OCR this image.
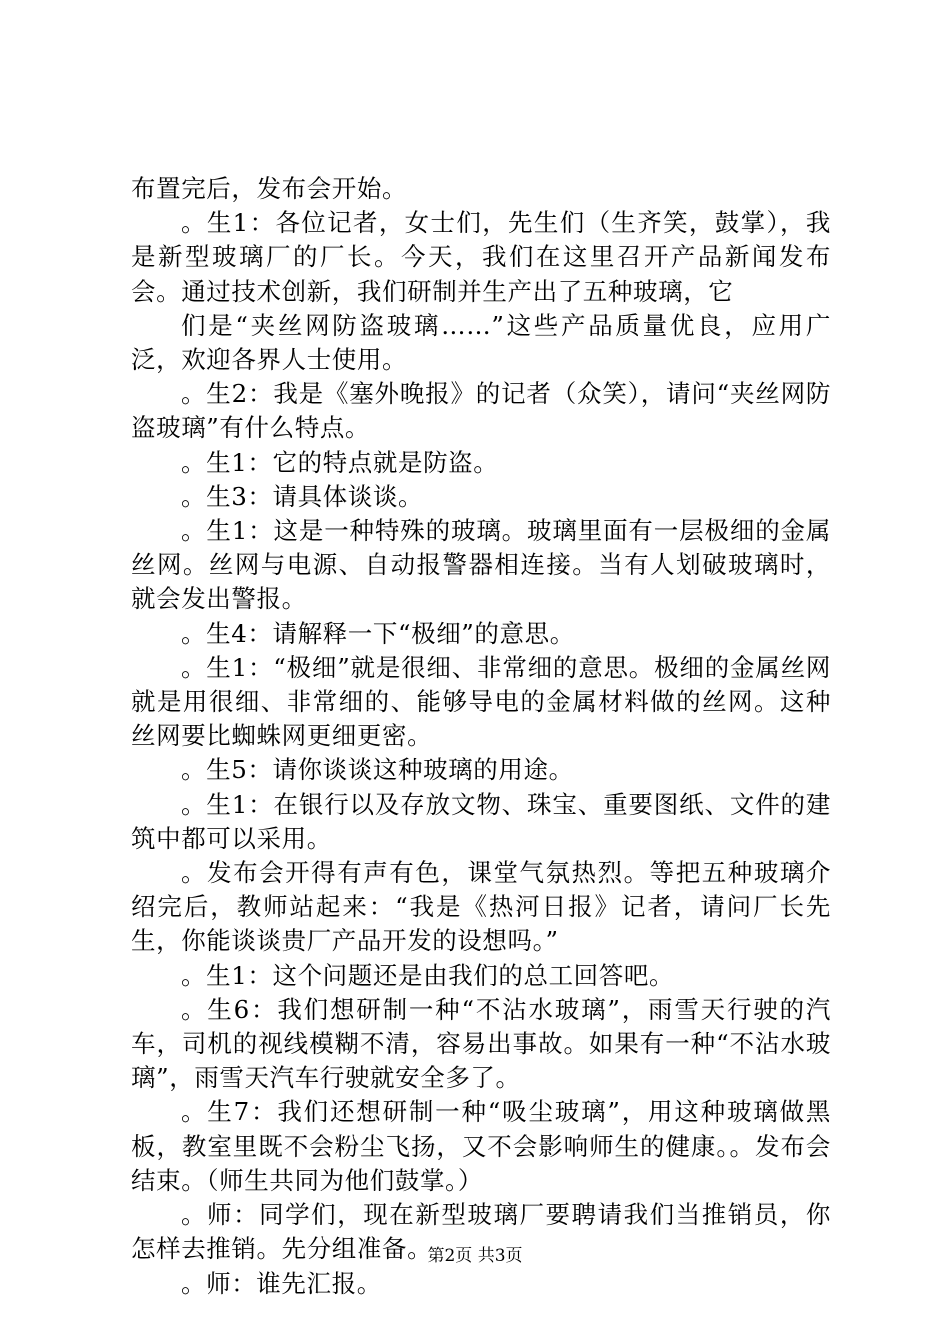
布置完后，发布会开始。

。生1：各位记者，女士们，先生们（生齐笑，鼓掌），我是新型玻璃厂的厂长。今天，我们在这里召开产品新闻发布会。通过技术创新，我们研制并生产出了五种玻璃，它

们是“夹丝网防盗玻璃……”这些产品质量优良，应用广泛，欢迎各界人士使用。

。生2：我是《塞外晚报》的记者（众笑），请问“夹丝网防盗玻璃”有什么特点。

。生1：它的特点就是防盗。

。生3：请具体谈谈。

。生1：这是一种特殊的玻璃。玻璃里面有一层极细的金属丝网。丝网与电源、自动报警器相连接。当有人划破玻璃时，就会发出警报。

。生4：请解释一下“极细”的意思。

。生1：“极细”就是很细、非常细的意思。极细的金属丝网就是用很细、非常细的、能够导电的金属材料做的丝网。这种丝网要比蜘蛛网更细更密。

。生5：请你谈谈这种玻璃的用途。

。生1：在银行以及存放文物、珠宝、重要图纸、文件的建筑中都可以采用。

。发布会开得有声有色，课堂气氛热烈。等把五种玻璃介绍完后，教师站起来：“我是《热河日报》记者，请问厂长先生，你能谈谈贵厂产品开发的设想吗。”

。生1：这个问题还是由我们的总工回答吧。

。生6：我们想研制一种“不沾水玻璃”，雨雪天行驶的汽车，司机的视线模糊不清，容易出事故。如果有一种“不沾水玻璃”，雨雪天汽车行驶就安全多了。

。生7：我们还想研制一种“吸尘玻璃”，用这种玻璃做黑板，教室里既不会粉尘飞扬，又不会影响师生的健康。。发布会结束。（师生共同为他们鼓掌。）

。师：同学们，现在新型玻璃厂要聘请我们当推销员，你怎样去推销。先分组准备。

。师：谁先汇报。

第2页 共3页
